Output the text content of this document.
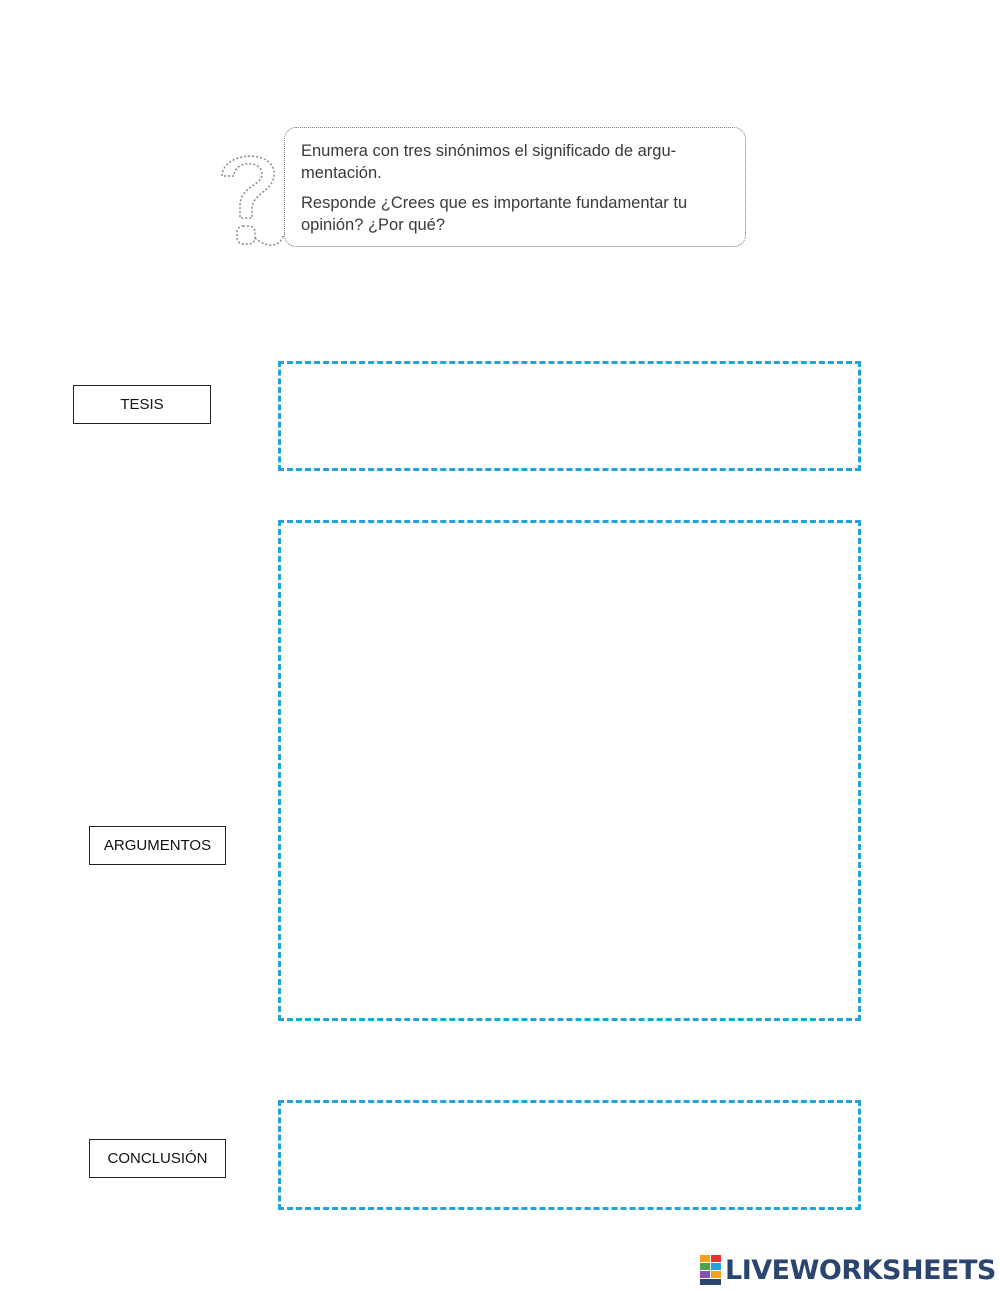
Enumera con tres sinónimos el significado de argu-mentación.

Responde ¿Crees que es importante fundamentar tu opinión? ¿Por qué?

TESIS
ARGUMENTOS
CONCLUSIÓN
LIVEWORKSHEETS
